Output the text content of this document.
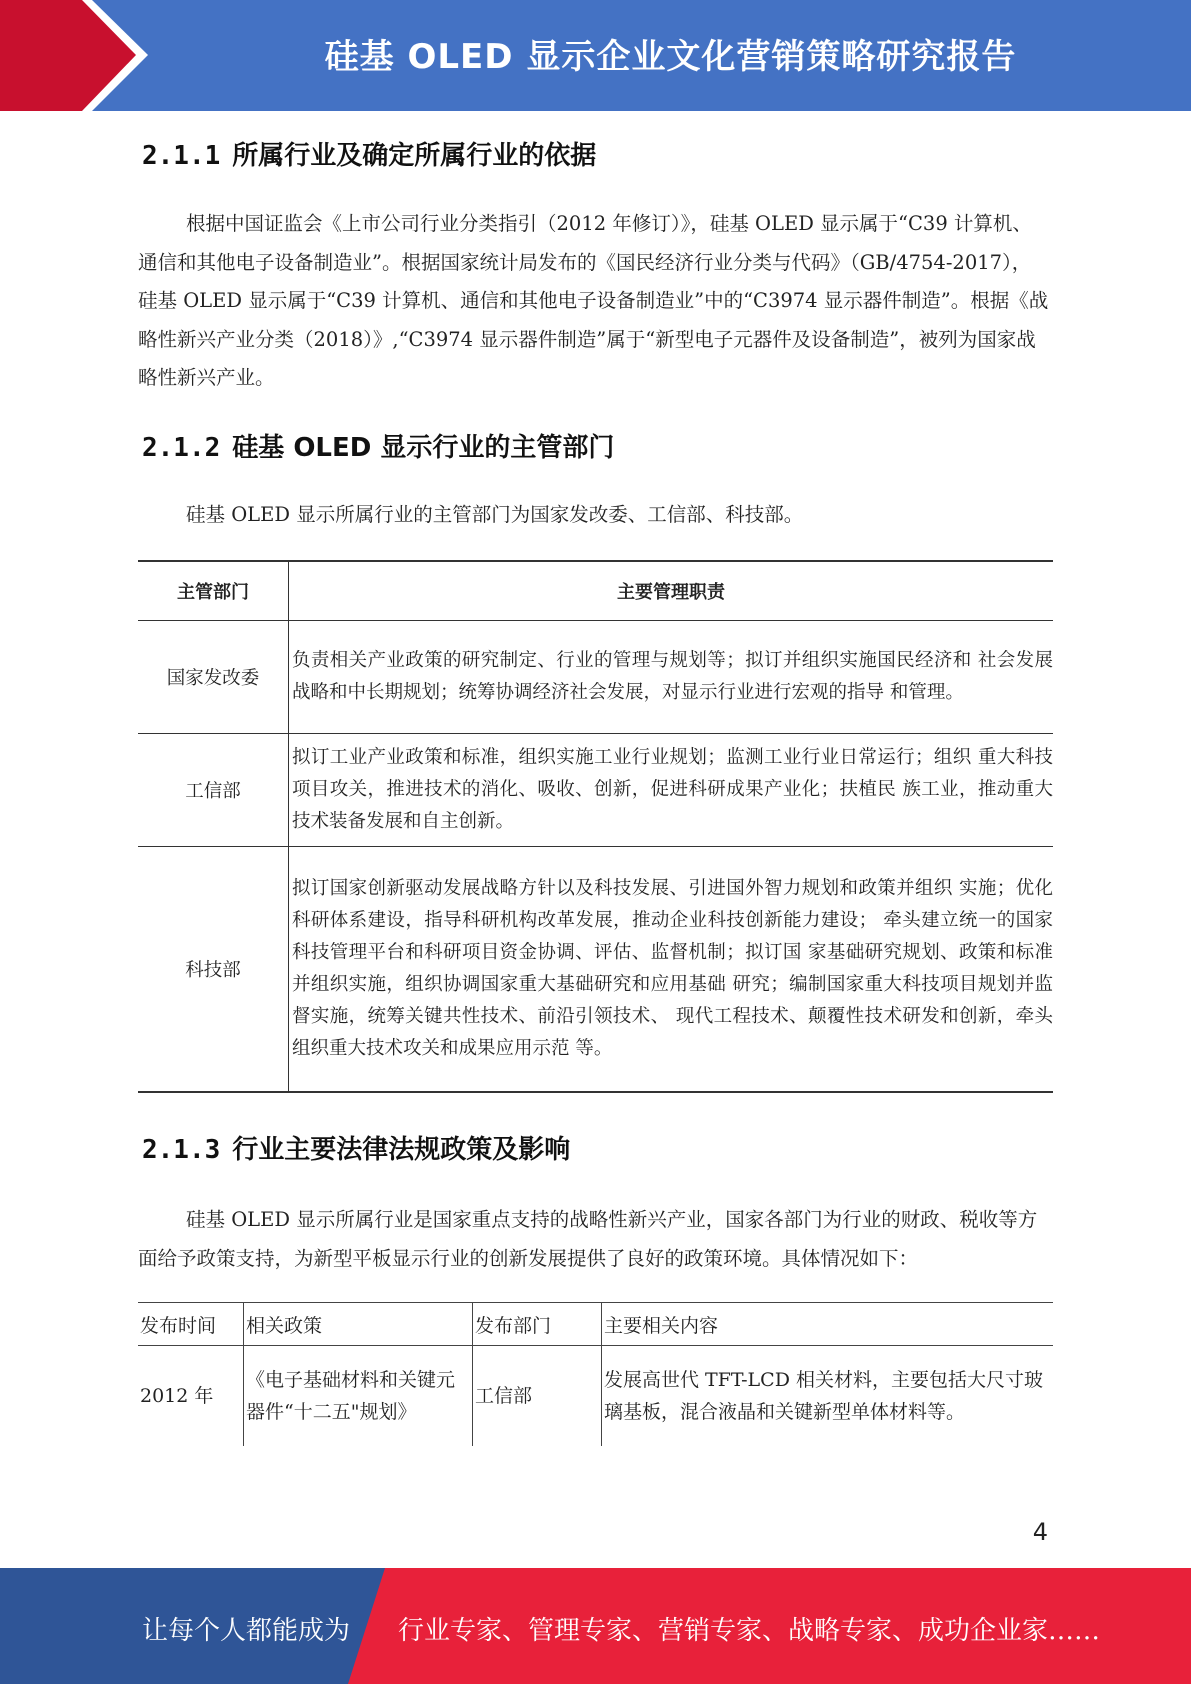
硅基 OLED 显示企业文化营销策略研究报告
2.1.1 所属行业及确定所属行业的依据

根据中国证监会《上市公司行业分类指引（2012 年修订）》，硅基 OLED 显示属于“C39 计算机、通信和其他电子设备制造业”。根据国家统计局发布的《国民经济行业分类与代码》（GB/4754-2017）， 硅基 OLED 显示属于“C39 计算机、通信和其他电子设备制造业”中的“C3974 显示器件制造”。根据《战略性新兴产业分类（2018）》,“C3974 显示器件制造”属于“新型电子元器件及设备制造”，被列为国家战略性新兴产业。

2.1.2 硅基 OLED 显示行业的主管部门

硅基 OLED 显示所属行业的主管部门为国家发改委、工信部、科技部。

主管部门	主要管理职责
国家发改委	负责相关产业政策的研究制定、行业的管理与规划等；拟订并组织实施国民经济和 社会发展战略和中长期规划；统筹协调经济社会发展，对显示行业进行宏观的指导 和管理。
工信部	拟订工业产业政策和标准，组织实施工业行业规划；监测工业行业日常运行；组织 重大科技项目攻关，推进技术的消化、吸收、创新，促进科研成果产业化；扶植民 族工业，推动重大技术装备发展和自主创新。
科技部	拟订国家创新驱动发展战略方针以及科技发展、引进国外智力规划和政策并组织 实施；优化科研体系建设，指导科研机构改革发展，推动企业科技创新能力建设； 牵头建立统一的国家科技管理平台和科研项目资金协调、评估、监督机制；拟订国 家基础研究规划、政策和标准并组织实施，组织协调国家重大基础研究和应用基础 研究；编制国家重大科技项目规划并监督实施，统筹关键共性技术、前沿引领技术、 现代工程技术、颠覆性技术研发和创新，牵头组织重大技术攻关和成果应用示范 等。
2.1.3 行业主要法律法规政策及影响

硅基 OLED 显示所属行业是国家重点支持的战略性新兴产业，国家各部门为行业的财政、税收等方面给予政策支持，为新型平板显示行业的创新发展提供了良好的政策环境。具体情况如下：

发布时间	相关政策	发布部门	主要相关内容
2012 年	《电子基础材料和关键元器件“十二五"规划》	工信部	发展高世代 TFT-LCD 相关材料，主要包括大尺寸玻璃基板，混合液晶和关键新型单体材料等。
4
让每个人都能成为 行业专家、管理专家、营销专家、战略专家、成功企业家……
